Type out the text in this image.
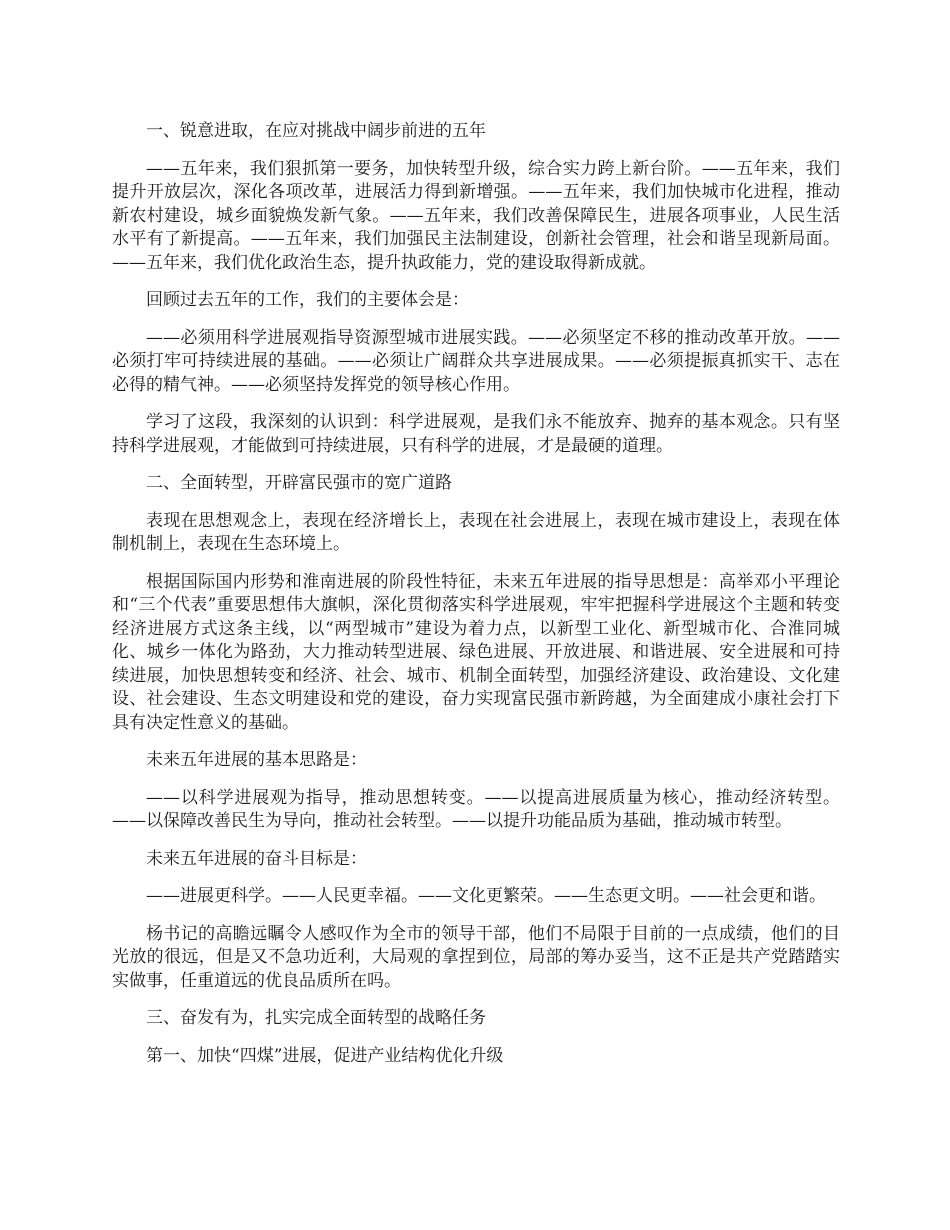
一、锐意进取，在应对挑战中阔步前进的五年

——五年来，我们狠抓第一要务，加快转型升级，综合实力跨上新台阶。——五年来，我们提升开放层次，深化各项改革，进展活力得到新增强。——五年来，我们加快城市化进程，推动新农村建设，城乡面貌焕发新气象。——五年来，我们改善保障民生，进展各项事业，人民生活水平有了新提高。——五年来，我们加强民主法制建设，创新社会管理，社会和谐呈现新局面。——五年来，我们优化政治生态，提升执政能力，党的建设取得新成就。

回顾过去五年的工作，我们的主要体会是：

——必须用科学进展观指导资源型城市进展实践。——必须坚定不移的推动改革开放。——必须打牢可持续进展的基础。——必须让广阔群众共享进展成果。——必须提振真抓实干、志在必得的精气神。——必须坚持发挥党的领导核心作用。

学习了这段，我深刻的认识到：科学进展观，是我们永不能放弃、抛弃的基本观念。只有坚持科学进展观，才能做到可持续进展，只有科学的进展，才是最硬的道理。

二、全面转型，开辟富民强市的宽广道路

表现在思想观念上，表现在经济增长上，表现在社会进展上，表现在城市建设上，表现在体制机制上，表现在生态环境上。

根据国际国内形势和淮南进展的阶段性特征，未来五年进展的指导思想是：高举邓小平理论和“三个代表”重要思想伟大旗帜，深化贯彻落实科学进展观，牢牢把握科学进展这个主题和转变经济进展方式这条主线，以“两型城市”建设为着力点，以新型工业化、新型城市化、合淮同城化、城乡一体化为路劲，大力推动转型进展、绿色进展、开放进展、和谐进展、安全进展和可持续进展，加快思想转变和经济、社会、城市、机制全面转型，加强经济建设、政治建设、文化建设、社会建设、生态文明建设和党的建设，奋力实现富民强市新跨越，为全面建成小康社会打下具有决定性意义的基础。

未来五年进展的基本思路是：

——以科学进展观为指导，推动思想转变。——以提高进展质量为核心，推动经济转型。——以保障改善民生为导向，推动社会转型。——以提升功能品质为基础，推动城市转型。

未来五年进展的奋斗目标是：

——进展更科学。——人民更幸福。——文化更繁荣。——生态更文明。——社会更和谐。

杨书记的高瞻远瞩令人感叹作为全市的领导干部，他们不局限于目前的一点成绩，他们的目光放的很远，但是又不急功近利，大局观的拿捏到位，局部的筹办妥当，这不正是共产党踏踏实实做事，任重道远的优良品质所在吗。

三、奋发有为，扎实完成全面转型的战略任务

第一、加快“四煤”进展，促进产业结构优化升级
